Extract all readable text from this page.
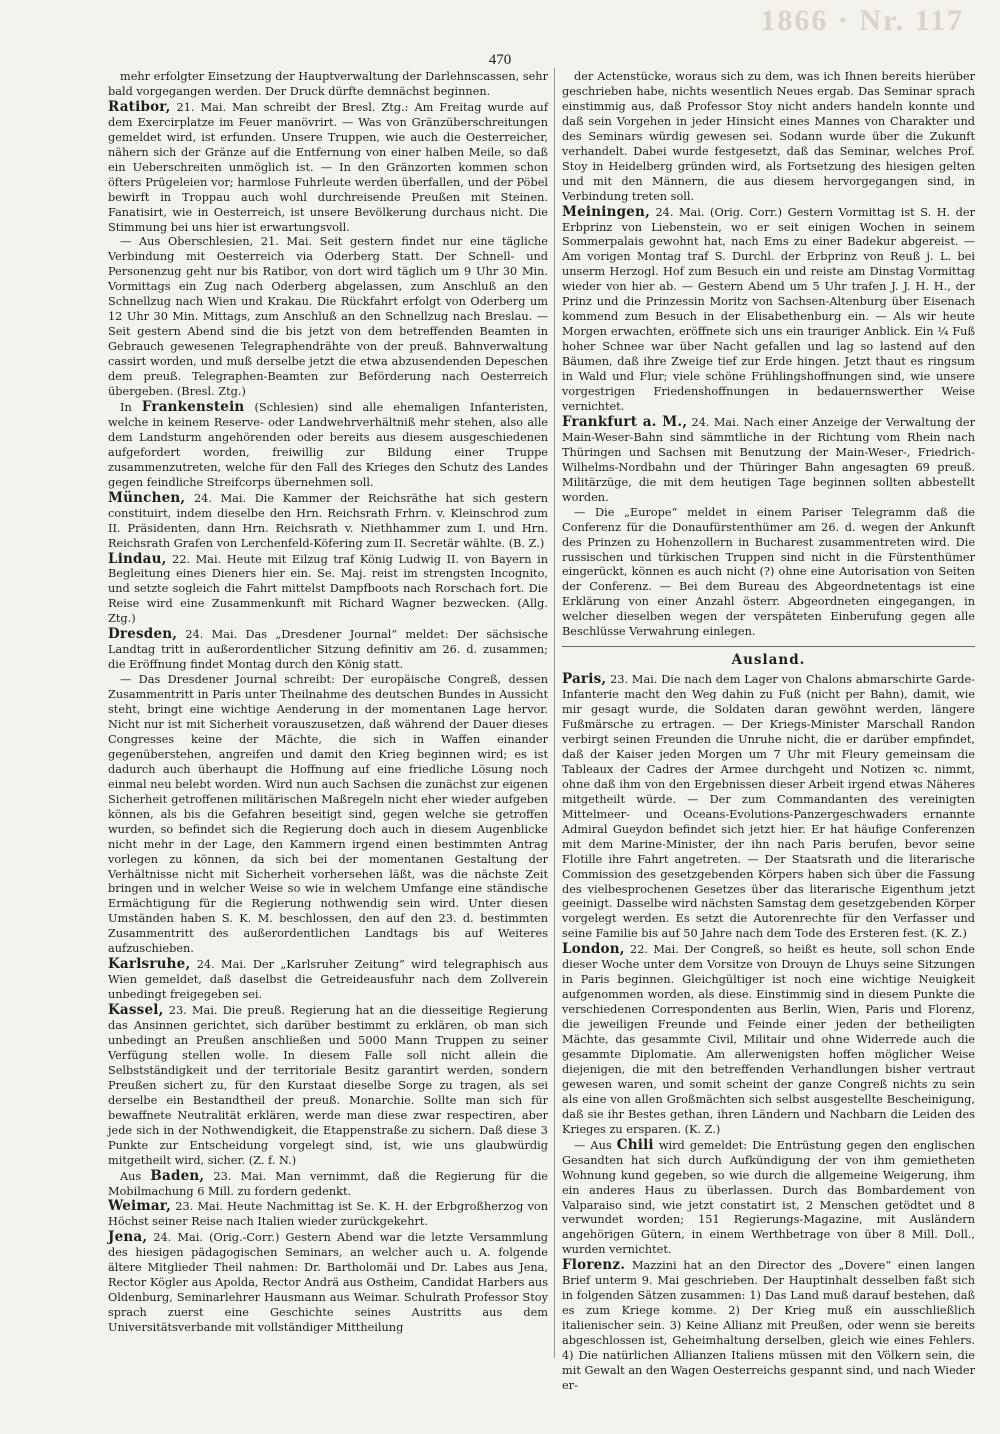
1866 · Nr. 117
470

mehr erfolgter Einsetzung der Hauptverwaltung der Darlehnscassen, sehr bald vorgegangen werden. Der Druck dürfte demnächst beginnen.

Ratibor, 21. Mai. Man schreibt der Bresl. Ztg.: Am Freitag wurde auf dem Exercirplatze im Feuer manövrirt. — Was von Gränzüberschreitungen gemeldet wird, ist erfunden. Unsere Truppen, wie auch die Oesterreicher, nähern sich der Gränze auf die Entfernung von einer halben Meile, so daß ein Ueberschreiten unmöglich ist. — In den Gränzorten kommen schon öfters Prügeleien vor; harmlose Fuhrleute werden überfallen, und der Pöbel bewirft in Troppau auch wohl durchreisende Preußen mit Steinen. Fanatisirt, wie in Oesterreich, ist unsere Bevölkerung durchaus nicht. Die Stimmung bei uns hier ist erwartungsvoll.

— Aus Oberschlesien, 21. Mai. Seit gestern findet nur eine tägliche Verbindung mit Oesterreich via Oderberg Statt. Der Schnell- und Personenzug geht nur bis Ratibor, von dort wird täglich um 9 Uhr 30 Min. Vormittags ein Zug nach Oderberg abgelassen, zum Anschluß an den Schnellzug nach Wien und Krakau. Die Rückfahrt erfolgt von Oderberg um 12 Uhr 30 Min. Mittags, zum Anschluß an den Schnellzug nach Breslau. — Seit gestern Abend sind die bis jetzt von dem betreffenden Beamten in Gebrauch gewesenen Telegraphendrähte von der preuß. Bahnverwaltung cassirt worden, und muß derselbe jetzt die etwa abzusendenden Depeschen dem preuß. Telegraphen-Beamten zur Beförderung nach Oesterreich übergeben. (Bresl. Ztg.)

In Frankenstein (Schlesien) sind alle ehemaligen Infanteristen, welche in keinem Reserve- oder Landwehrverhältniß mehr stehen, also alle dem Landsturm angehörenden oder bereits aus diesem ausgeschiedenen aufgefordert worden, freiwillig zur Bildung einer Truppe zusammenzutreten, welche für den Fall des Krieges den Schutz des Landes gegen feindliche Streifcorps übernehmen soll.

München, 24. Mai. Die Kammer der Reichsräthe hat sich gestern constituirt, indem dieselbe den Hrn. Reichsrath Frhrn. v. Kleinschrod zum II. Präsidenten, dann Hrn. Reichsrath v. Niethhammer zum I. und Hrn. Reichsrath Grafen von Lerchenfeld-Köfering zum II. Secretär wählte. (B. Z.)

Lindau, 22. Mai. Heute mit Eilzug traf König Ludwig II. von Bayern in Begleitung eines Dieners hier ein. Se. Maj. reist im strengsten Incognito, und setzte sogleich die Fahrt mittelst Dampfboots nach Rorschach fort. Die Reise wird eine Zusammenkunft mit Richard Wagner bezwecken. (Allg. Ztg.)

Dresden, 24. Mai. Das „Dresdener Journal“ meldet: Der sächsische Landtag tritt in außerordentlicher Sitzung definitiv am 26. d. zusammen; die Eröffnung findet Montag durch den König statt.

— Das Dresdener Journal schreibt: Der europäische Congreß, dessen Zusammentritt in Paris unter Theilnahme des deutschen Bundes in Aussicht steht, bringt eine wichtige Aenderung in der momentanen Lage hervor. Nicht nur ist mit Sicherheit vorauszusetzen, daß während der Dauer dieses Congresses keine der Mächte, die sich in Waffen einander gegenüberstehen, angreifen und damit den Krieg beginnen wird; es ist dadurch auch überhaupt die Hoffnung auf eine friedliche Lösung noch einmal neu belebt worden. Wird nun auch Sachsen die zunächst zur eigenen Sicherheit getroffenen militärischen Maßregeln nicht eher wieder aufgeben können, als bis die Gefahren beseitigt sind, gegen welche sie getroffen wurden, so befindet sich die Regierung doch auch in diesem Augenblicke nicht mehr in der Lage, den Kammern irgend einen bestimmten Antrag vorlegen zu können, da sich bei der momentanen Gestaltung der Verhältnisse nicht mit Sicherheit vorhersehen läßt, was die nächste Zeit bringen und in welcher Weise so wie in welchem Umfange eine ständische Ermächtigung für die Regierung nothwendig sein wird. Unter diesen Umständen haben S. K. M. beschlossen, den auf den 23. d. bestimmten Zusammentritt des außerordentlichen Landtags bis auf Weiteres aufzuschieben.

Karlsruhe, 24. Mai. Der „Karlsruher Zeitung“ wird telegraphisch aus Wien gemeldet, daß daselbst die Getreideausfuhr nach dem Zollverein unbedingt freigegeben sei.

Kassel, 23. Mai. Die preuß. Regierung hat an die diesseitige Regierung das Ansinnen gerichtet, sich darüber bestimmt zu erklären, ob man sich unbedingt an Preußen anschließen und 5000 Mann Truppen zu seiner Verfügung stellen wolle. In diesem Falle soll nicht allein die Selbstständigkeit und der territoriale Besitz garantirt werden, sondern Preußen sichert zu, für den Kurstaat dieselbe Sorge zu tragen, als sei derselbe ein Bestandtheil der preuß. Monarchie. Sollte man sich für bewaffnete Neutralität erklären, werde man diese zwar respectiren, aber jede sich in der Nothwendigkeit, die Etappenstraße zu sichern. Daß diese 3 Punkte zur Entscheidung vorgelegt sind, ist, wie uns glaubwürdig mitgetheilt wird, sicher. (Z. f. N.)

Aus Baden, 23. Mai. Man vernimmt, daß die Regierung für die Mobilmachung 6 Mill. zu fordern gedenkt.

Weimar, 23. Mai. Heute Nachmittag ist Se. K. H. der Erbgroßherzog von Höchst seiner Reise nach Italien wieder zurückgekehrt.

Jena, 24. Mai. (Orig.-Corr.) Gestern Abend war die letzte Versammlung des hiesigen pädagogischen Seminars, an welcher auch u. A. folgende ältere Mitglieder Theil nahmen: Dr. Bartholomäi und Dr. Labes aus Jena, Rector Kögler aus Apolda, Rector Andrä aus Ostheim, Candidat Harbers aus Oldenburg, Seminarlehrer Hausmann aus Weimar. Schulrath Professor Stoy sprach zuerst eine Geschichte seines Austritts aus dem Universitätsverbande mit vollständiger Mittheilung

der Actenstücke, woraus sich zu dem, was ich Ihnen bereits hierüber geschrieben habe, nichts wesentlich Neues ergab. Das Seminar sprach einstimmig aus, daß Professor Stoy nicht anders handeln konnte und daß sein Vorgehen in jeder Hinsicht eines Mannes von Charakter und des Seminars würdig gewesen sei. Sodann wurde über die Zukunft verhandelt. Dabei wurde festgesetzt, daß das Seminar, welches Prof. Stoy in Heidelberg gründen wird, als Fortsetzung des hiesigen gelten und mit den Männern, die aus diesem hervorgegangen sind, in Verbindung treten soll.

Meiningen, 24. Mai. (Orig. Corr.) Gestern Vormittag ist S. H. der Erbprinz von Liebenstein, wo er seit einigen Wochen in seinem Sommerpalais gewohnt hat, nach Ems zu einer Badekur abgereist. — Am vorigen Montag traf S. Durchl. der Erbprinz von Reuß j. L. bei unserm Herzogl. Hof zum Besuch ein und reiste am Dinstag Vormittag wieder von hier ab. — Gestern Abend um 5 Uhr trafen J. J. H. H., der Prinz und die Prinzessin Moritz von Sachsen-Altenburg über Eisenach kommend zum Besuch in der Elisabethenburg ein. — Als wir heute Morgen erwachten, eröffnete sich uns ein trauriger Anblick. Ein ¼ Fuß hoher Schnee war über Nacht gefallen und lag so lastend auf den Bäumen, daß ihre Zweige tief zur Erde hingen. Jetzt thaut es ringsum in Wald und Flur; viele schöne Frühlingshoffnungen sind, wie unsere vorgestrigen Friedenshoffnungen in bedauernswerther Weise vernichtet.

Frankfurt a. M., 24. Mai. Nach einer Anzeige der Verwaltung der Main-Weser-Bahn sind sämmtliche in der Richtung vom Rhein nach Thüringen und Sachsen mit Benutzung der Main-Weser-, Friedrich-Wilhelms-Nordbahn und der Thüringer Bahn angesagten 69 preuß. Militärzüge, die mit dem heutigen Tage beginnen sollten abbestellt worden.

— Die „Europe“ meldet in einem Pariser Telegramm daß die Conferenz für die Donaufürstenthümer am 26. d. wegen der Ankunft des Prinzen zu Hohenzollern in Bucharest zusammentreten wird. Die russischen und türkischen Truppen sind nicht in die Fürstenthümer eingerückt, können es auch nicht (?) ohne eine Autorisation von Seiten der Conferenz. — Bei dem Bureau des Abgeordnetentags ist eine Erklärung von einer Anzahl österr. Abgeordneten eingegangen, in welcher dieselben wegen der verspäteten Einberufung gegen alle Beschlüsse Verwahrung einlegen.

Ausland.

Paris, 23. Mai. Die nach dem Lager von Chalons abmarschirte Garde-Infanterie macht den Weg dahin zu Fuß (nicht per Bahn), damit, wie mir gesagt wurde, die Soldaten daran gewöhnt werden, längere Fußmärsche zu ertragen. — Der Kriegs-Minister Marschall Randon verbirgt seinen Freunden die Unruhe nicht, die er darüber empfindet, daß der Kaiser jeden Morgen um 7 Uhr mit Fleury gemeinsam die Tableaux der Cadres der Armee durchgeht und Notizen ꝛc. nimmt, ohne daß ihm von den Ergebnissen dieser Arbeit irgend etwas Näheres mitgetheilt würde. — Der zum Commandanten des vereinigten Mittelmeer- und Oceans-Evolutions-Panzergeschwaders ernannte Admiral Gueydon befindet sich jetzt hier. Er hat häufige Conferenzen mit dem Marine-Minister, der ihn nach Paris berufen, bevor seine Flotille ihre Fahrt angetreten. — Der Staatsrath und die literarische Commission des gesetzgebenden Körpers haben sich über die Fassung des vielbesprochenen Gesetzes über das literarische Eigenthum jetzt geeinigt. Dasselbe wird nächsten Samstag dem gesetzgebenden Körper vorgelegt werden. Es setzt die Autorenrechte für den Verfasser und seine Familie bis auf 50 Jahre nach dem Tode des Ersteren fest. (K. Z.)

London, 22. Mai. Der Congreß, so heißt es heute, soll schon Ende dieser Woche unter dem Vorsitze von Drouyn de Lhuys seine Sitzungen in Paris beginnen. Gleichgültiger ist noch eine wichtige Neuigkeit aufgenommen worden, als diese. Einstimmig sind in diesem Punkte die verschiedenen Correspondenten aus Berlin, Wien, Paris und Florenz, die jeweiligen Freunde und Feinde einer jeden der betheiligten Mächte, das gesammte Civil, Militair und ohne Widerrede auch die gesammte Diplomatie. Am allerwenigsten hoffen möglicher Weise diejenigen, die mit den betreffenden Verhandlungen bisher vertraut gewesen waren, und somit scheint der ganze Congreß nichts zu sein als eine von allen Großmächten sich selbst ausgestellte Bescheinigung, daß sie ihr Bestes gethan, ihren Ländern und Nachbarn die Leiden des Krieges zu ersparen. (K. Z.)

— Aus Chili wird gemeldet: Die Entrüstung gegen den englischen Gesandten hat sich durch Aufkündigung der von ihm gemietheten Wohnung kund gegeben, so wie durch die allgemeine Weigerung, ihm ein anderes Haus zu überlassen. Durch das Bombardement von Valparaiso sind, wie jetzt constatirt ist, 2 Menschen getödtet und 8 verwundet worden; 151 Regierungs-Magazine, mit Ausländern angehörigen Gütern, in einem Werthbetrage von über 8 Mill. Doll., wurden vernichtet.

Florenz. Mazzini hat an den Director des „Dovere“ einen langen Brief unterm 9. Mai geschrieben. Der Hauptinhalt desselben faßt sich in folgenden Sätzen zusammen: 1) Das Land muß darauf bestehen, daß es zum Kriege komme. 2) Der Krieg muß ein ausschließlich italienischer sein. 3) Keine Allianz mit Preußen, oder wenn sie bereits abgeschlossen ist, Geheimhaltung derselben, gleich wie eines Fehlers. 4) Die natürlichen Allianzen Italiens müssen mit den Völkern sein, die mit Gewalt an den Wagen Oesterreichs gespannt sind, und nach Wieder er-
